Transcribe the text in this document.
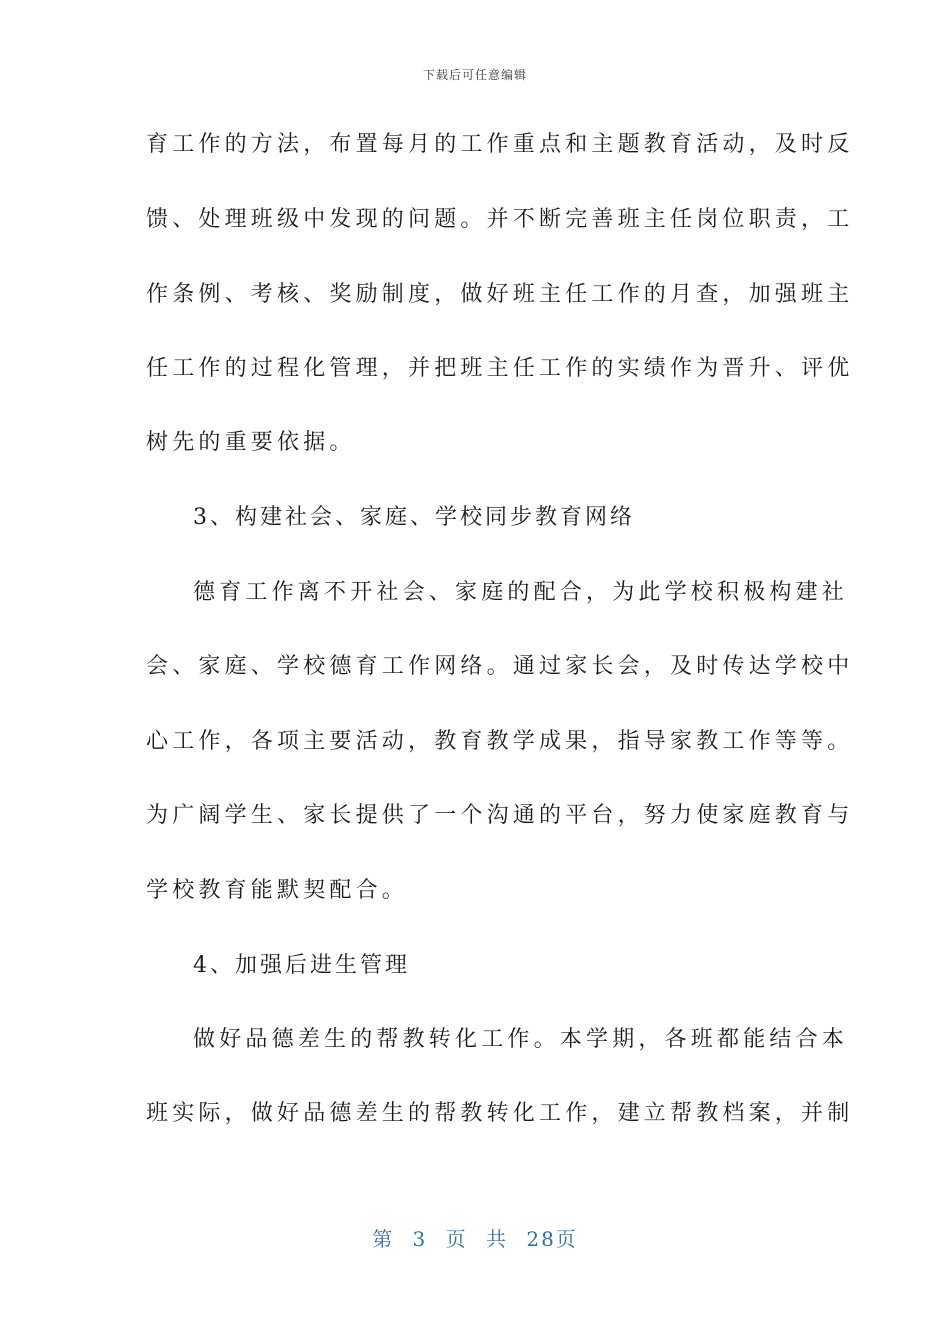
下载后可任意编辑
育工作的方法，布置每月的工作重点和主题教育活动，及时反
馈、处理班级中发现的问题。并不断完善班主任岗位职责，工
作条例、考核、奖励制度，做好班主任工作的月查，加强班主
任工作的过程化管理，并把班主任工作的实绩作为晋升、评优
树先的重要依据。
3、构建社会、家庭、学校同步教育网络
德育工作离不开社会、家庭的配合，为此学校积极构建社
会、家庭、学校德育工作网络。通过家长会，及时传达学校中
心工作，各项主要活动，教育教学成果，指导家教工作等等。
为广阔学生、家长提供了一个沟通的平台，努力使家庭教育与
学校教育能默契配合。
4、加强后进生管理
做好品德差生的帮教转化工作。本学期，各班都能结合本
班实际，做好品德差生的帮教转化工作，建立帮教档案，并制
第 3 页 共 28页
